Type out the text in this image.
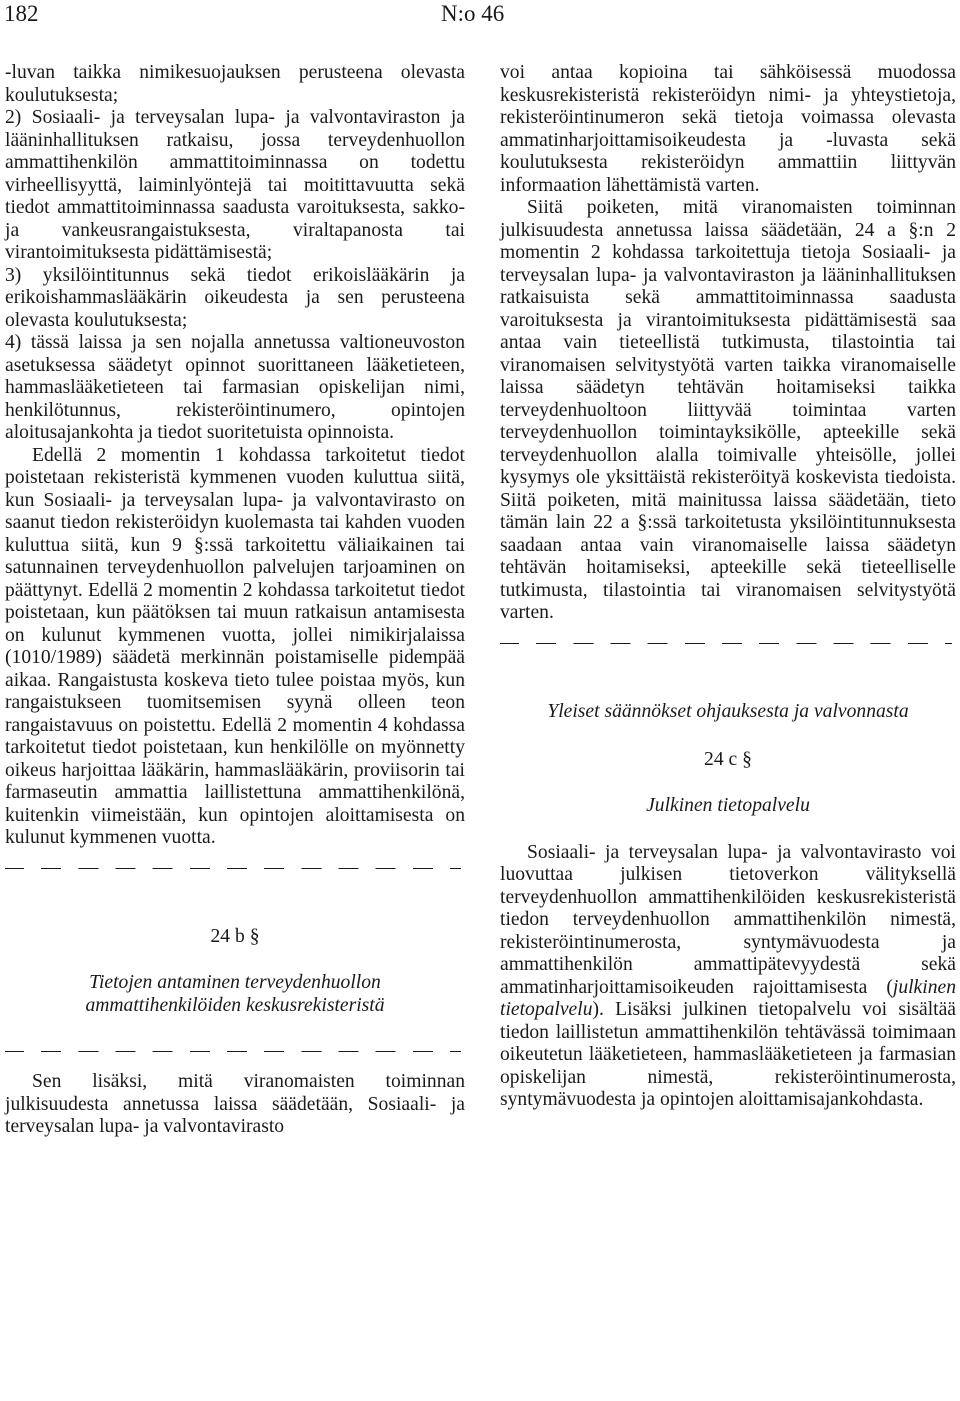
182	N:o 46

-luvan taikka nimikesuojauksen perusteena olevasta koulutuksesta;

2) Sosiaali- ja terveysalan lupa- ja valvontaviraston ja lääninhallituksen ratkaisu, jossa terveydenhuollon ammattihenkilön ammattitoiminnassa on todettu virheellisyyttä, laiminlyöntejä tai moitittavuutta sekä tiedot ammattitoiminnassa saadusta varoituksesta, sakko- ja vankeusrangaistuksesta, viraltapanosta tai virantoimituksesta pidättämisestä;

3) yksilöintitunnus sekä tiedot erikoislääkärin ja erikoishammaslääkärin oikeudesta ja sen perusteena olevasta koulutuksesta;

4) tässä laissa ja sen nojalla annetussa valtioneuvoston asetuksessa säädetyt opinnot suorittaneen lääketieteen, hammaslääketieteen tai farmasian opiskelijan nimi, henkilötunnus, rekisteröintinumero, opintojen aloitusajankohta ja tiedot suoritetuista opinnoista.

Edellä 2 momentin 1 kohdassa tarkoitetut tiedot poistetaan rekisteristä kymmenen vuoden kuluttua siitä, kun Sosiaali- ja terveysalan lupa- ja valvontavirasto on saanut tiedon rekisteröidyn kuolemasta tai kahden vuoden kuluttua siitä, kun 9 §:ssä tarkoitettu väliaikainen tai satunnainen terveydenhuollon palvelujen tarjoaminen on päättynyt. Edellä 2 momentin 2 kohdassa tarkoitetut tiedot poistetaan, kun päätöksen tai muun ratkaisun antamisesta on kulunut kymmenen vuotta, jollei nimikirjalaissa (1010/1989) säädetä merkinnän poistamiselle pidempää aikaa. Rangaistusta koskeva tieto tulee poistaa myös, kun rangaistukseen tuomitsemisen syynä olleen teon rangaistavuus on poistettu. Edellä 2 momentin 4 kohdassa tarkoitetut tiedot poistetaan, kun henkilölle on myönnetty oikeus harjoittaa lääkärin, hammaslääkärin, proviisorin tai farmaseutin ammattia laillistettuna ammattihenkilönä, kuitenkin viimeistään, kun opintojen aloittamisesta on kulunut kymmenen vuotta.

24 b §

Tietojen antaminen terveydenhuollon ammattihenkilöiden keskusrekisteristä

Sen lisäksi, mitä viranomaisten toiminnan julkisuudesta annetussa laissa säädetään, Sosiaali- ja terveysalan lupa- ja valvontavirasto

voi antaa kopioina tai sähköisessä muodossa keskusrekisteristä rekisteröidyn nimi- ja yhteystietoja, rekisteröintinumeron sekä tietoja voimassa olevasta ammatinharjoittamisoikeudesta ja -luvasta sekä koulutuksesta rekisteröidyn ammattiin liittyvän informaation lähettämistä varten.

Siitä poiketen, mitä viranomaisten toiminnan julkisuudesta annetussa laissa säädetään, 24 a §:n 2 momentin 2 kohdassa tarkoitettuja tietoja Sosiaali- ja terveysalan lupa- ja valvontaviraston ja lääninhallituksen ratkaisuista sekä ammattitoiminnassa saadusta varoituksesta ja virantoimituksesta pidättämisestä saa antaa vain tieteellistä tutkimusta, tilastointia tai viranomaisen selvitystyötä varten taikka viranomaiselle laissa säädetyn tehtävän hoitamiseksi taikka terveydenhuoltoon liittyvää toimintaa varten terveydenhuollon toimintayksikölle, apteekille sekä terveydenhuollon alalla toimivalle yhteisölle, jollei kysymys ole yksittäistä rekisteröityä koskevista tiedoista. Siitä poiketen, mitä mainitussa laissa säädetään, tieto tämän lain 22 a §:ssä tarkoitetusta yksilöintitunnuksesta saadaan antaa vain viranomaiselle laissa säädetyn tehtävän hoitamiseksi, apteekille sekä tieteelliselle tutkimusta, tilastointia tai viranomaisen selvitystyötä varten.

Yleiset säännökset ohjauksesta ja valvonnasta

24 c §

Julkinen tietopalvelu

Sosiaali- ja terveysalan lupa- ja valvontavirasto voi luovuttaa julkisen tietoverkon välityksellä terveydenhuollon ammattihenkilöiden keskusrekisteristä tiedon terveydenhuollon ammattihenkilön nimestä, rekisteröintinumerosta, syntymävuodesta ja ammattihenkilön ammattipätevyydestä sekä ammatinharjoittamisoikeuden rajoittamisesta (julkinen tietopalvelu). Lisäksi julkinen tietopalvelu voi sisältää tiedon laillistetun ammattihenkilön tehtävässä toimimaan oikeutetun lääketieteen, hammaslääketieteen ja farmasian opiskelijan nimestä, rekisteröintinumerosta, syntymävuodesta ja opintojen aloittamisajankohdasta.
